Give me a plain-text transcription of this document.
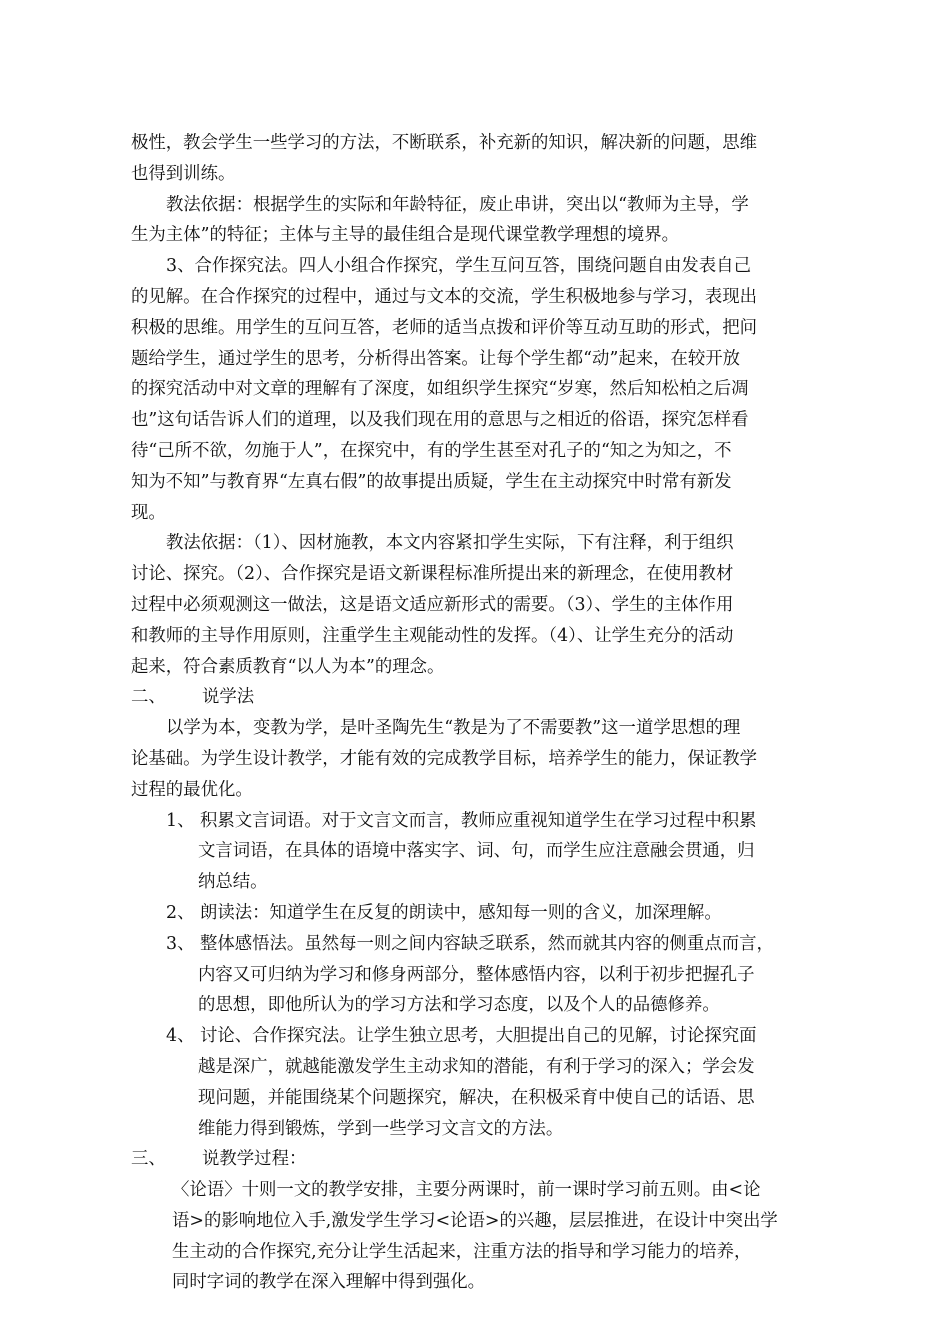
极性，教会学生一些学习的方法，不断联系，补充新的知识，解决新的问题，思维
也得到训练。
教法依据：根据学生的实际和年龄特征，废止串讲，突出以“教师为主导，学
生为主体”的特征；主体与主导的最佳组合是现代课堂教学理想的境界。
3、合作探究法。四人小组合作探究，学生互问互答，围绕问题自由发表自己
的见解。在合作探究的过程中，通过与文本的交流，学生积极地参与学习，表现出
积极的思维。用学生的互问互答，老师的适当点拨和评价等互动互助的形式，把问
题给学生，通过学生的思考，分析得出答案。让每个学生都“动”起来，在较开放
的探究活动中对文章的理解有了深度，如组织学生探究“岁寒，然后知松柏之后凋
也”这句话告诉人们的道理，以及我们现在用的意思与之相近的俗语，探究怎样看
待“己所不欲，勿施于人”，在探究中，有的学生甚至对孔子的“知之为知之，不
知为不知”与教育界“左真右假”的故事提出质疑，学生在主动探究中时常有新发
现。
教法依据：（1）、因材施教，本文内容紧扣学生实际，下有注释，利于组织
讨论、探究。（2）、合作探究是语文新课程标准所提出来的新理念，在使用教材
过程中必须观测这一做法，这是语文适应新形式的需要。（3）、学生的主体作用
和教师的主导作用原则，注重学生主观能动性的发挥。（4）、让学生充分的活动
起来，符合素质教育“以人为本”的理念。
二、 说学法
以学为本，变教为学，是叶圣陶先生“教是为了不需要教”这一道学思想的理
论基础。为学生设计教学，才能有效的完成教学目标，培养学生的能力，保证教学
过程的最优化。
1、 积累文言词语。对于文言文而言，教师应重视知道学生在学习过程中积累
文言词语，在具体的语境中落实字、词、句，而学生应注意融会贯通，归
纳总结。
2、 朗读法：知道学生在反复的朗读中，感知每一则的含义，加深理解。
3、 整体感悟法。虽然每一则之间内容缺乏联系，然而就其内容的侧重点而言，
内容又可归纳为学习和修身两部分，整体感悟内容，以利于初步把握孔子
的思想，即他所认为的学习方法和学习态度，以及个人的品德修养。
4、 讨论、合作探究法。让学生独立思考，大胆提出自己的见解，讨论探究面
越是深广，就越能激发学生主动求知的潜能，有利于学习的深入；学会发
现问题，并能围绕某个问题探究，解决，在积极采育中使自己的话语、思
维能力得到锻炼，学到一些学习文言文的方法。
三、 说教学过程：
〈论语〉十则一文的教学安排，主要分两课时，前一课时学习前五则。由<论
语>的影响地位入手,激发学生学习<论语>的兴趣，层层推进，在设计中突出学
生主动的合作探究,充分让学生活起来，注重方法的指导和学习能力的培养，
同时字词的教学在深入理解中得到强化。
